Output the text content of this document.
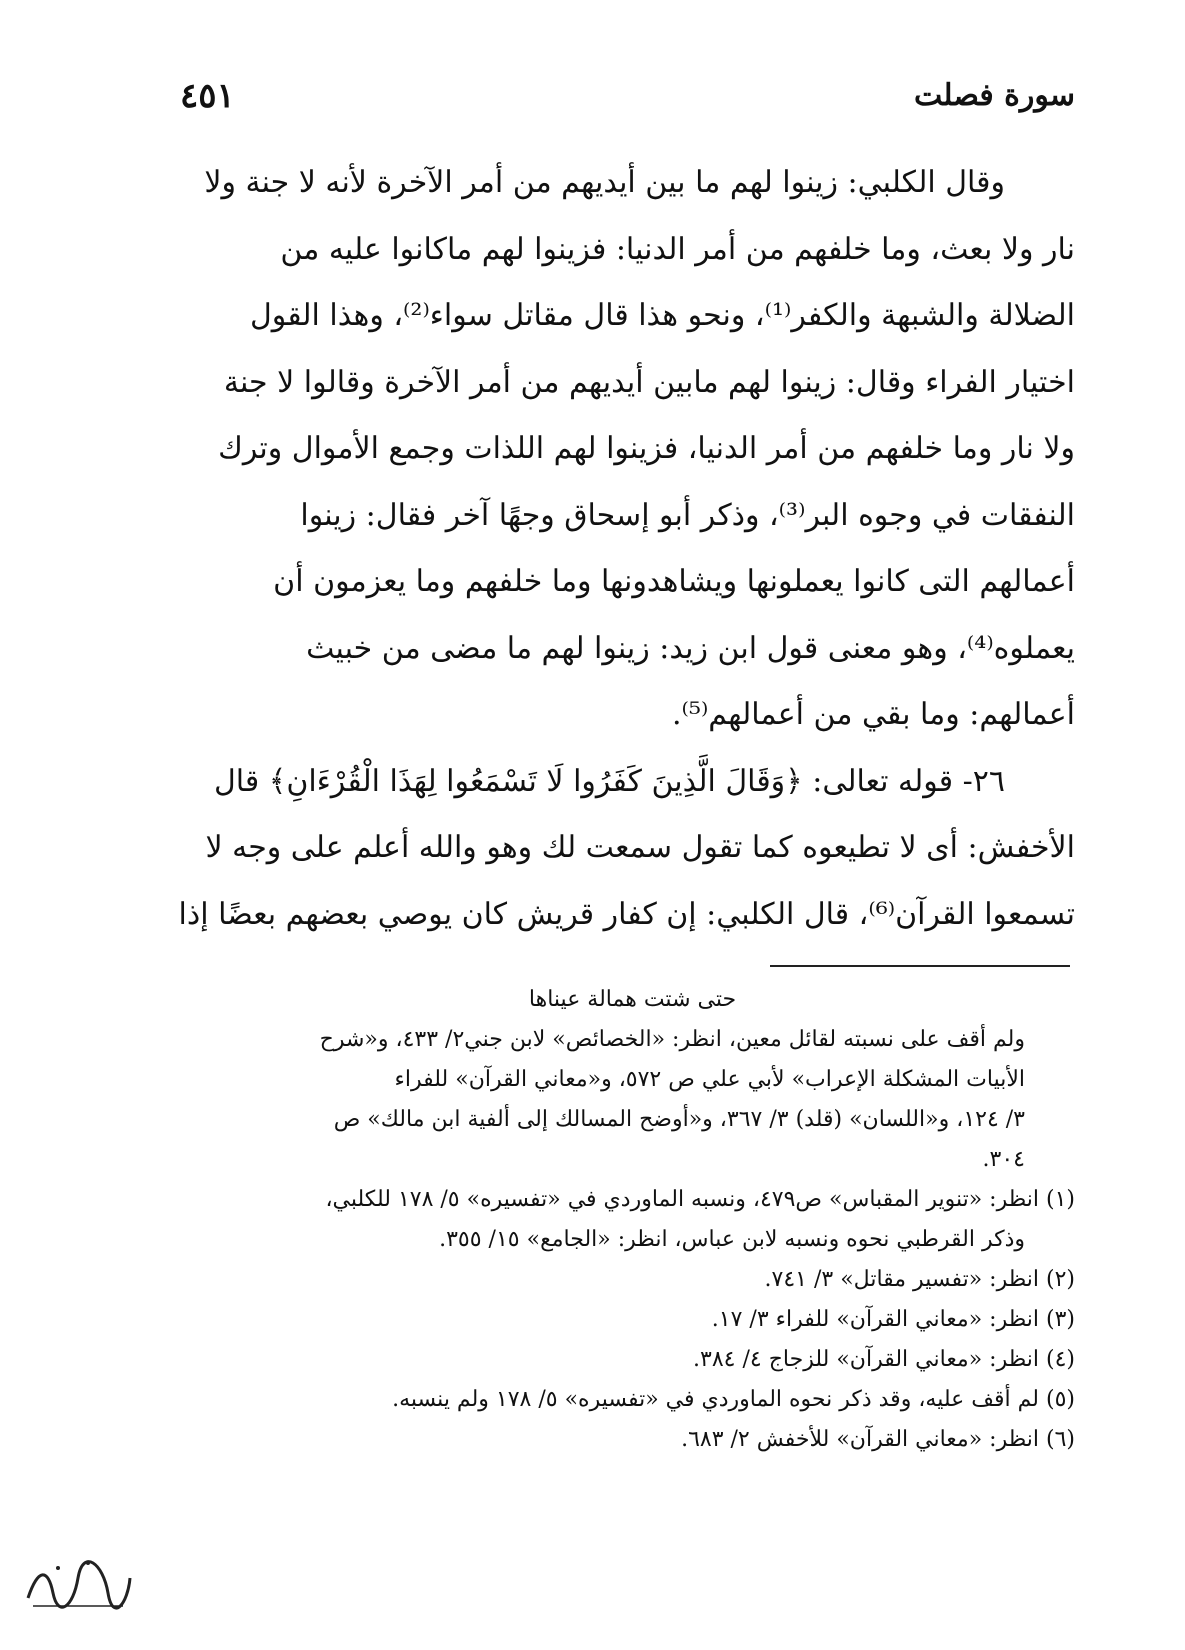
سورة فصلت
٤٥١
وقال الكلبي: زينوا لهم ما بين أيديهم من أمر الآخرة لأنه لا جنة ولا
نار ولا بعث، وما خلفهم من أمر الدنيا: فزينوا لهم ماكانوا عليه من
الضلالة والشبهة والكفر⁽¹⁾، ونحو هذا قال مقاتل سواء⁽²⁾، وهذا القول
اختيار الفراء وقال: زينوا لهم مابين أيديهم من أمر الآخرة وقالوا لا جنة
ولا نار وما خلفهم من أمر الدنيا، فزينوا لهم اللذات وجمع الأموال وترك
النفقات في وجوه البر⁽³⁾، وذكر أبو إسحاق وجهًا آخر فقال: زينوا
أعمالهم التى كانوا يعملونها ويشاهدونها وما خلفهم وما يعزمون أن
يعملوه⁽⁴⁾، وهو معنى قول ابن زيد: زينوا لهم ما مضى من خبيث
أعمالهم: وما بقي من أعمالهم⁽⁵⁾.
٢٦- قوله تعالى: ﴿وَقَالَ الَّذِينَ كَفَرُوا لَا تَسْمَعُوا لِهَذَا الْقُرْءَانِ﴾ قال
الأخفش: أى لا تطيعوه كما تقول سمعت لك وهو والله أعلم على وجه لا
تسمعوا القرآن⁽⁶⁾، قال الكلبي: إن كفار قريش كان يوصي بعضهم بعضًا إذا
حتى شتت همالة عيناها
ولم أقف على نسبته لقائل معين، انظر: «الخصائص» لابن جني٢/ ٤٣٣، و«شرح
الأبيات المشكلة الإعراب» لأبي علي ص ٥٧٢، و«معاني القرآن» للفراء
٣/ ١٢٤، و«اللسان» (قلد) ٣/ ٣٦٧، و«أوضح المسالك إلى ألفية ابن مالك» ص
٣٠٤.
(١) انظر: «تنوير المقباس» ص٤٧٩، ونسبه الماوردي في «تفسيره» ٥/ ١٧٨ للكلبي،
وذكر القرطبي نحوه ونسبه لابن عباس، انظر: «الجامع» ١٥/ ٣٥٥.
(٢) انظر: «تفسير مقاتل» ٣/ ٧٤١.
(٣) انظر: «معاني القرآن» للفراء ٣/ ١٧.
(٤) انظر: «معاني القرآن» للزجاج ٤/ ٣٨٤.
(٥) لم أقف عليه، وقد ذكر نحوه الماوردي في «تفسيره» ٥/ ١٧٨ ولم ينسبه.
(٦) انظر: «معاني القرآن» للأخفش ٢/ ٦٨٣.
